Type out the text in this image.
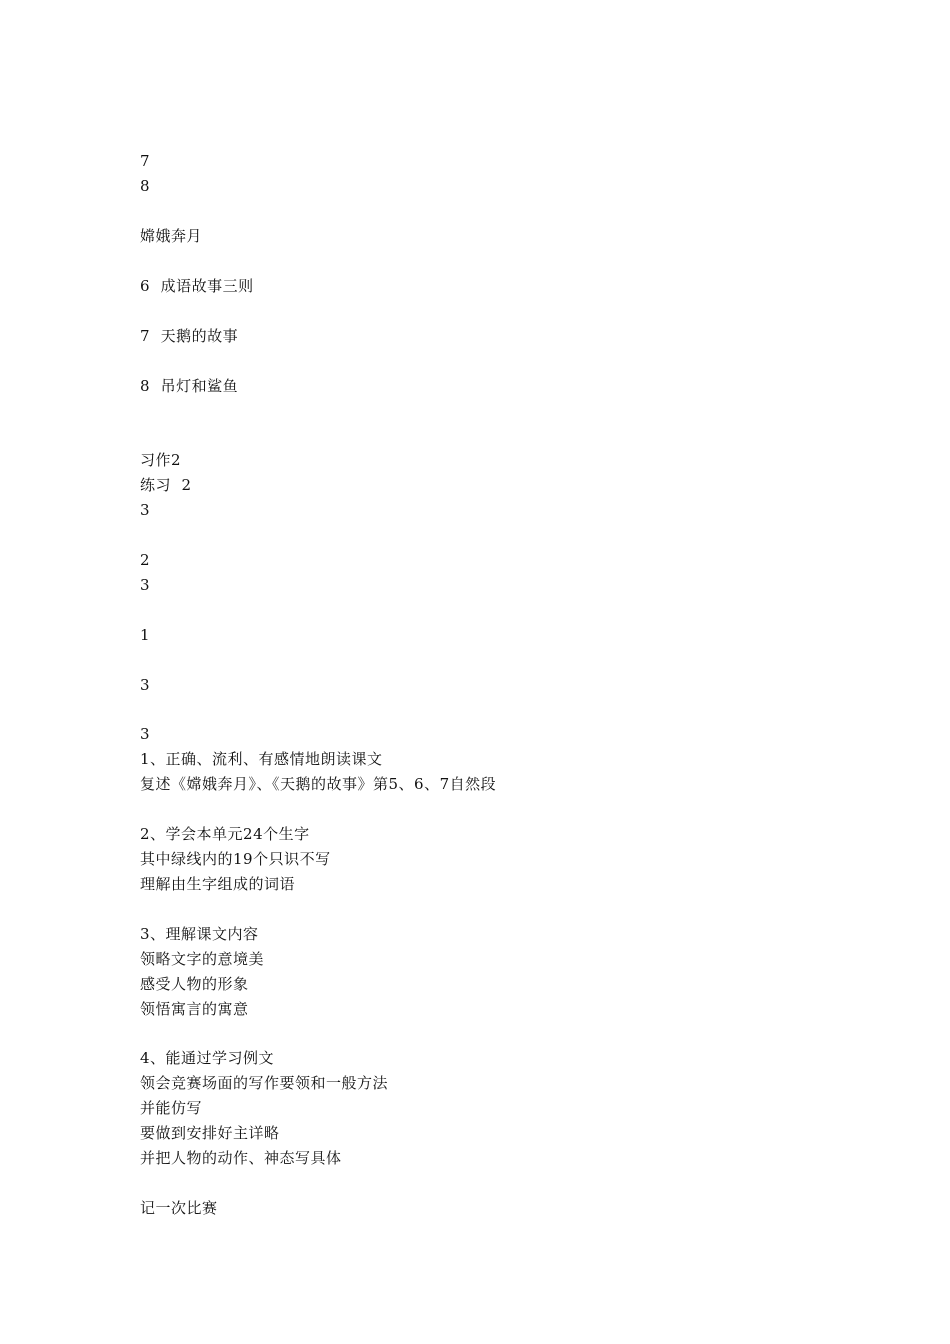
7
8
嫦娥奔月
6  成语故事三则
7  天鹅的故事
8  吊灯和鲨鱼
习作2
练习  2
3
2
3
1
3
3
1、正确、流利、有感情地朗读课文
复述《嫦娥奔月》、《天鹅的故事》第5、6、7自然段
2、学会本单元24个生字
其中绿线内的19个只识不写
理解由生字组成的词语
3、理解课文内容
领略文字的意境美
感受人物的形象
领悟寓言的寓意
4、能通过学习例文
领会竞赛场面的写作要领和一般方法
并能仿写
要做到安排好主详略
并把人物的动作、神态写具体
记一次比赛
